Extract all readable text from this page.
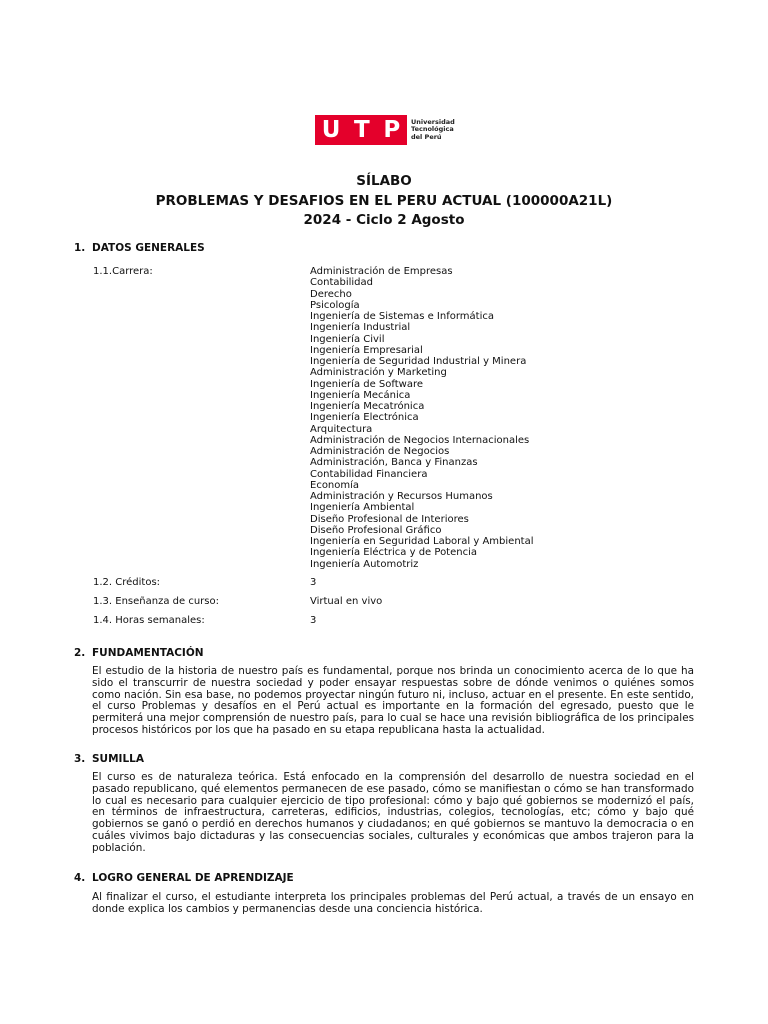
U T P Universidad
Tecnológica
del Perú
SÍLABO
PROBLEMAS Y DESAFIOS EN EL PERU ACTUAL (100000A21L)
2024 - Ciclo 2 Agosto
1. DATOS GENERALES
1.1.Carrera:	Administración de Empresas
Contabilidad
Derecho
Psicología
Ingeniería de Sistemas e Informática
Ingeniería Industrial
Ingeniería Civil
Ingeniería Empresarial
Ingeniería de Seguridad Industrial y Minera
Administración y Marketing
Ingeniería de Software
Ingeniería Mecánica
Ingeniería Mecatrónica
Ingeniería Electrónica
Arquitectura
Administración de Negocios Internacionales
Administración de Negocios
Administración, Banca y Finanzas
Contabilidad Financiera
Economía
Administración y Recursos Humanos
Ingeniería Ambiental
Diseño Profesional de Interiores
Diseño Profesional Gráfico
Ingeniería en Seguridad Laboral y Ambiental
Ingeniería Eléctrica y de Potencia
Ingeniería Automotriz
1.2. Créditos:	3
1.3. Enseñanza de curso:	Virtual en vivo
1.4. Horas semanales:	3
2. FUNDAMENTACIÓN
El estudio de la historia de nuestro país es fundamental, porque nos brinda un conocimiento acerca de lo que ha sido el transcurrir de nuestra sociedad y poder ensayar respuestas sobre de dónde venimos o quiénes somos como nación. Sin esa base, no podemos proyectar ningún futuro ni, incluso, actuar en el presente. En este sentido, el curso Problemas y desafíos en el Perú actual es importante en la formación del egresado, puesto que le permiterá una mejor comprensión de nuestro país, para lo cual se hace una revisión bibliográfica de los principales procesos históricos por los que ha pasado en su etapa republicana hasta la actualidad.
3. SUMILLA
El curso es de naturaleza teórica. Está enfocado en la comprensión del desarrollo de nuestra sociedad en el pasado republicano, qué elementos permanecen de ese pasado, cómo se manifiestan o cómo se han transformado lo cual es necesario para cualquier ejercicio de tipo profesional: cómo y bajo qué gobiernos se modernizó el país, en términos de infraestructura, carreteras, edificios, industrias, colegios, tecnologías, etc; cómo y bajo qué gobiernos se ganó o perdió en derechos humanos y ciudadanos; en qué gobiernos se mantuvo la democracia o en cuáles vivimos bajo dictaduras y las consecuencias sociales, culturales y económicas que ambos trajeron para la población.
4. LOGRO GENERAL DE APRENDIZAJE
Al finalizar el curso, el estudiante interpreta los principales problemas del Perú actual, a través de un ensayo en donde explica los cambios y permanencias desde una conciencia histórica.
